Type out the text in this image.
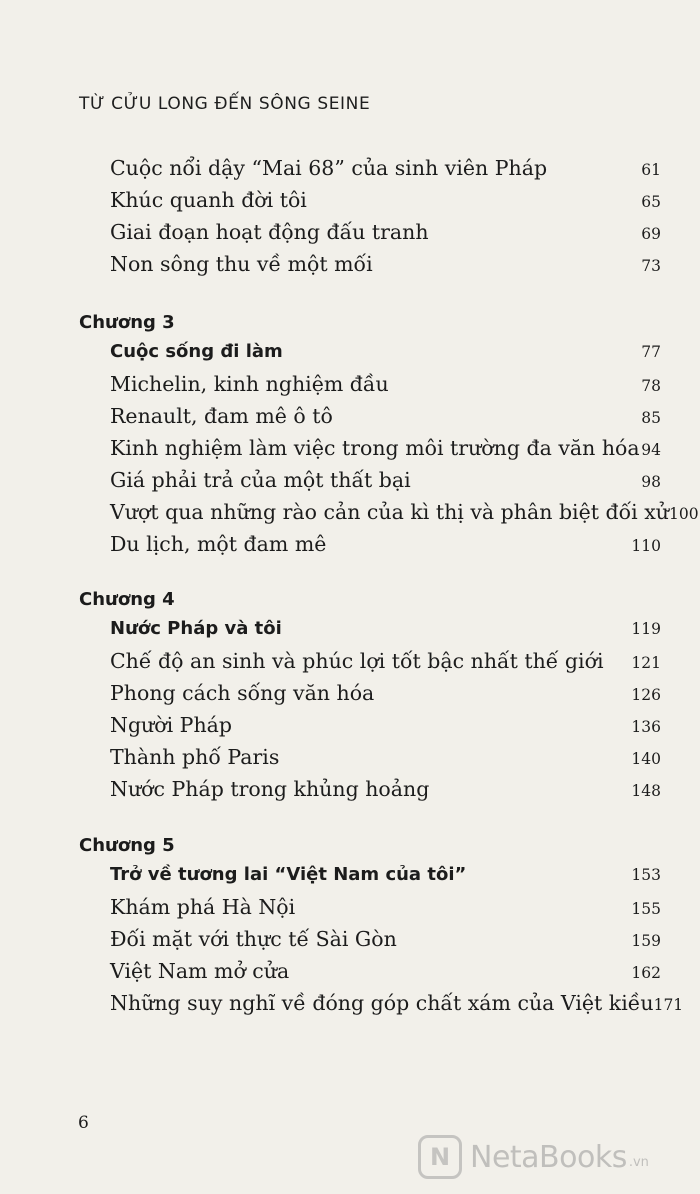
TỪ CỬU LONG ĐẾN SÔNG SEINE
Cuộc nổi dậy “Mai 68” của sinh viên Pháp	61
Khúc quanh đời tôi	65
Giai đoạn hoạt động đấu tranh	69
Non sông thu về một mối	73
Chương 3
Cuộc sống đi làm	77
Michelin, kinh nghiệm đầu	78
Renault, đam mê ô tô	85
Kinh nghiệm làm việc trong môi trường đa văn hóa 94
Giá phải trả của một thất bại	98
Vượt qua những rào cản của kì thị và phân biệt đối xử 100
Du lịch, một đam mê	110
Chương 4
Nước Pháp và tôi	119
Chế độ an sinh và phúc lợi tốt bậc nhất thế giới 121
Phong cách sống văn hóa	126
Người Pháp	136
Thành phố Paris	140
Nước Pháp trong khủng hoảng	148
Chương 5
Trở về tương lai “Việt Nam của tôi”	153
Khám phá Hà Nội	155
Đối mặt với thực tế Sài Gòn	159
Việt Nam mở cửa	162
Những suy nghĩ về đóng góp chất xám của Việt kiều 171
6
N NetaBooks .vn
